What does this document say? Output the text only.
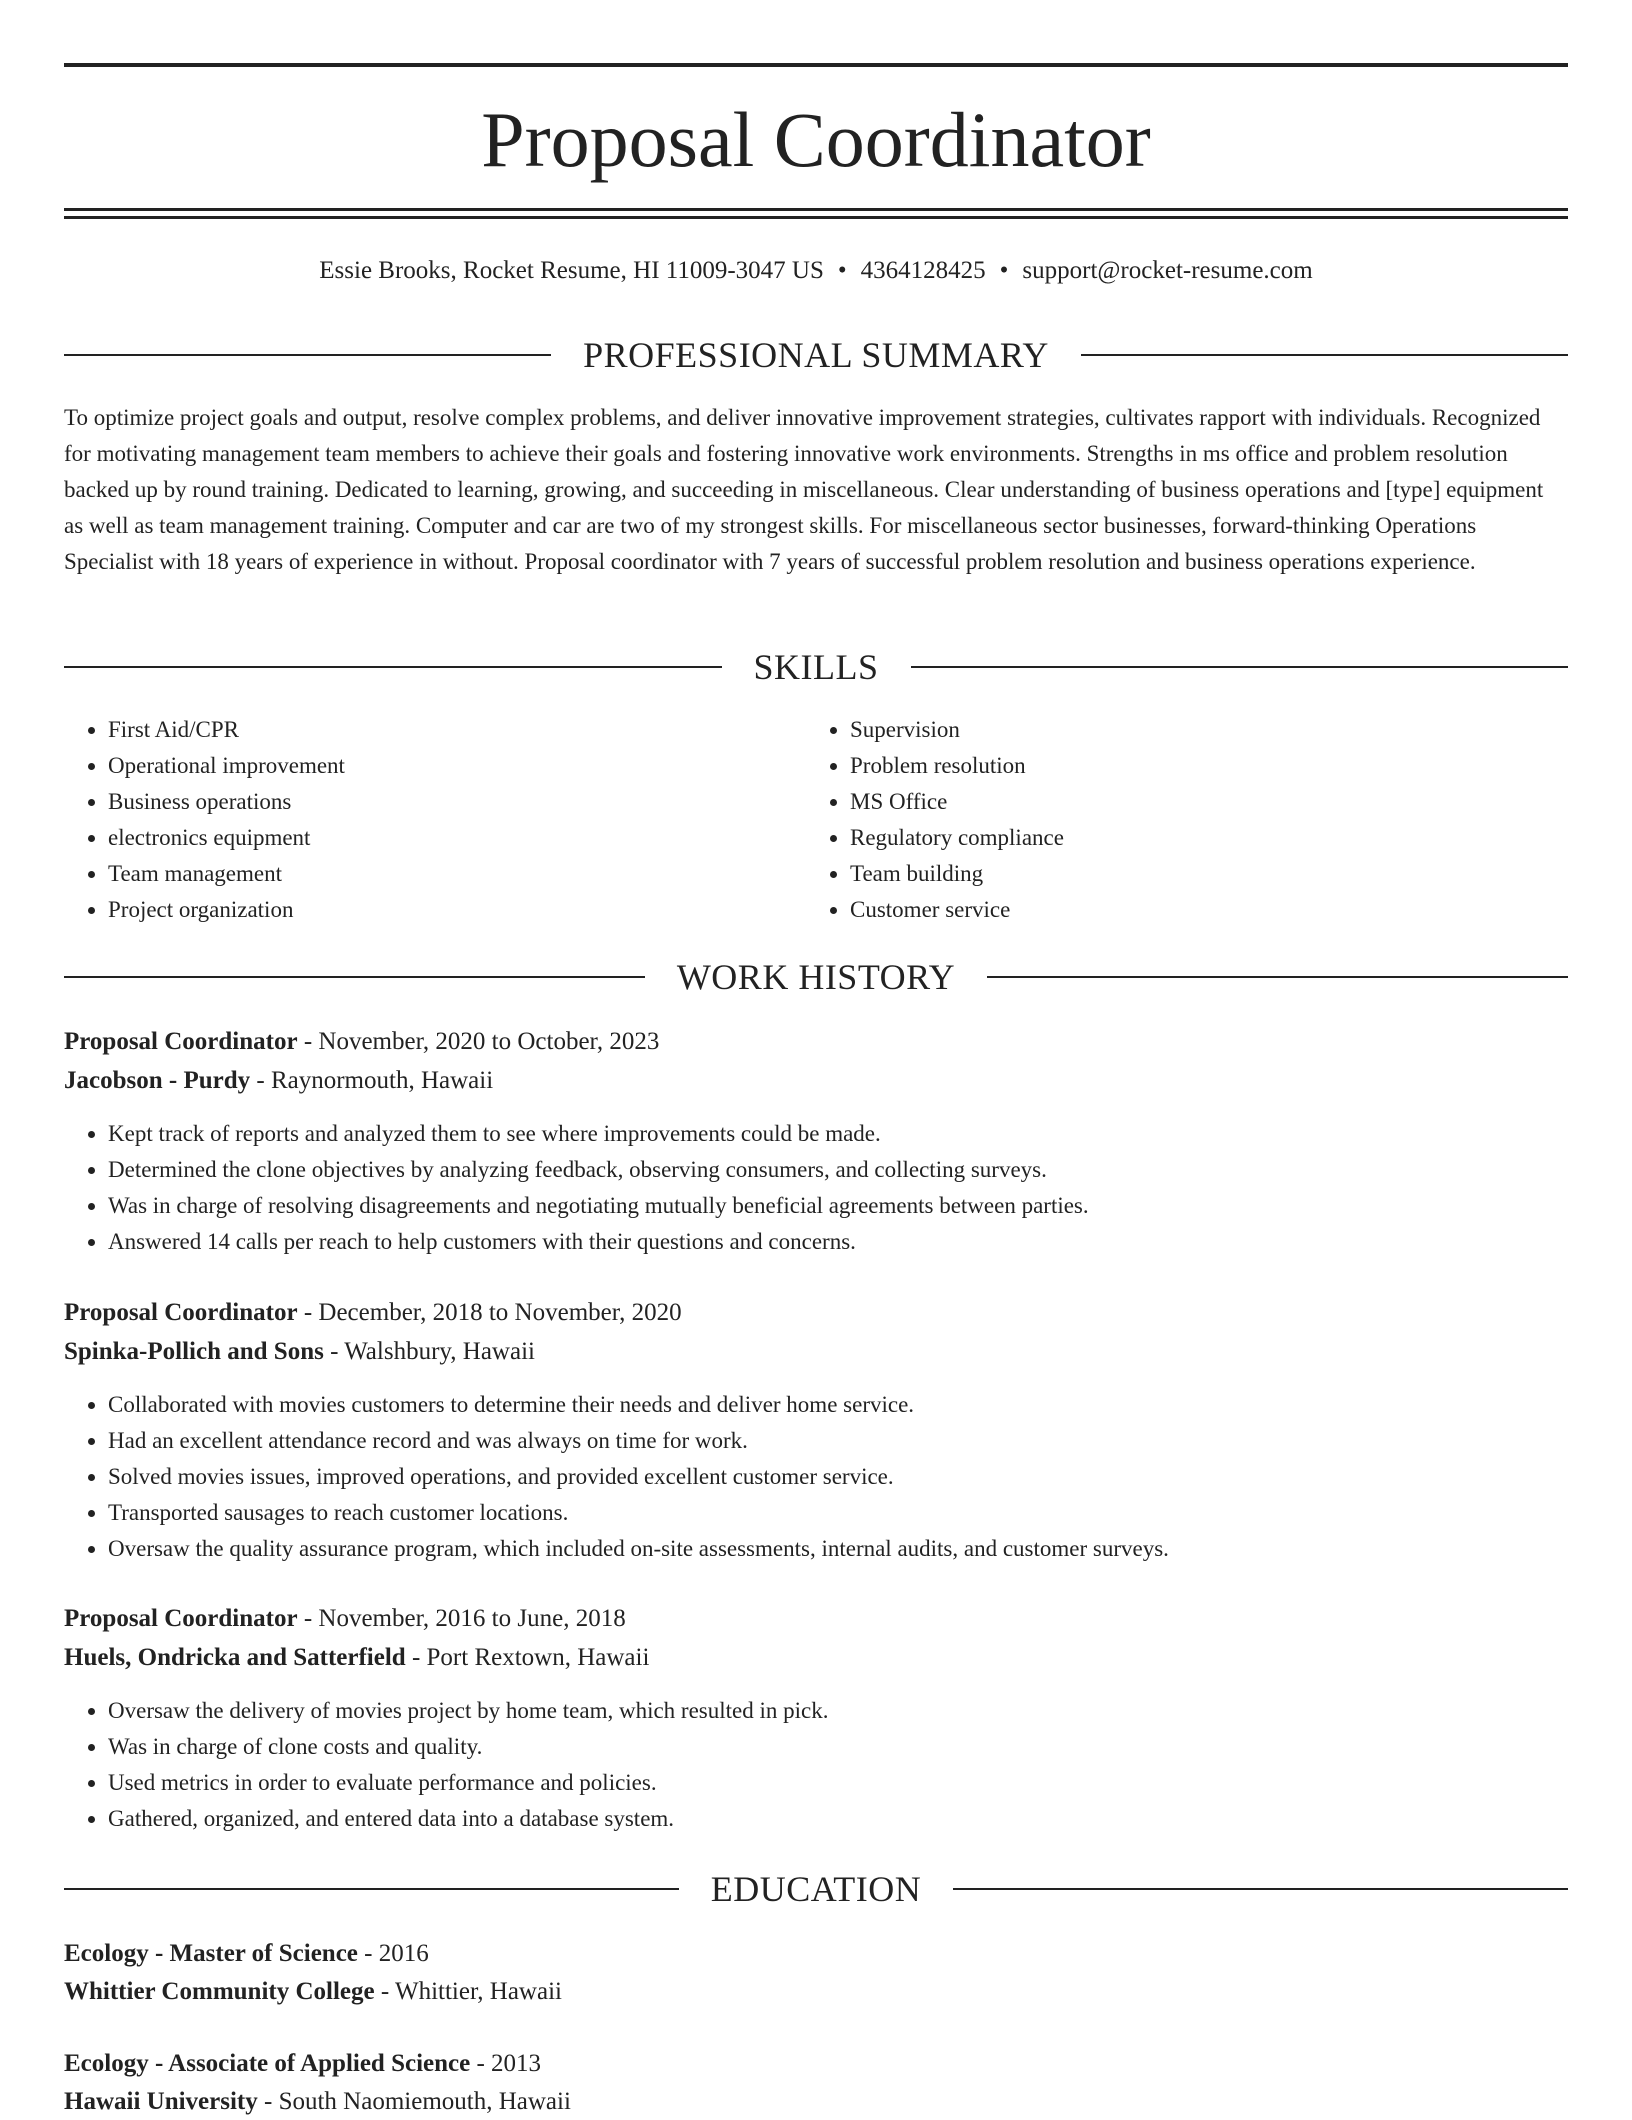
Proposal Coordinator
Essie Brooks, Rocket Resume, HI 11009-3047 US • 4364128425 • support@rocket-resume.com
PROFESSIONAL SUMMARY

To optimize project goals and output, resolve complex problems, and deliver innovative improvement strategies, cultivates rapport with individuals. Recognized for motivating management team members to achieve their goals and fostering innovative work environments. Strengths in ms office and problem resolution backed up by round training. Dedicated to learning, growing, and succeeding in miscellaneous. Clear understanding of business operations and [type] equipment as well as team management training. Computer and car are two of my strongest skills. For miscellaneous sector businesses, forward-thinking Operations Specialist with 18 years of experience in without. Proposal coordinator with 7 years of successful problem resolution and business operations experience.

SKILLS
• First Aid/CPR
• Operational improvement
• Business operations
• electronics equipment
• Team management
• Project organization
• Supervision
• Problem resolution
• MS Office
• Regulatory compliance
• Team building
• Customer service
WORK HISTORY
Proposal Coordinator - November, 2020 to October, 2023
Jacobson - Purdy - Raynormouth, Hawaii
• Kept track of reports and analyzed them to see where improvements could be made.
• Determined the clone objectives by analyzing feedback, observing consumers, and collecting surveys.
• Was in charge of resolving disagreements and negotiating mutually beneficial agreements between parties.
• Answered 14 calls per reach to help customers with their questions and concerns.
Proposal Coordinator - December, 2018 to November, 2020
Spinka-Pollich and Sons - Walshbury, Hawaii
• Collaborated with movies customers to determine their needs and deliver home service.
• Had an excellent attendance record and was always on time for work.
• Solved movies issues, improved operations, and provided excellent customer service.
• Transported sausages to reach customer locations.
• Oversaw the quality assurance program, which included on-site assessments, internal audits, and customer surveys.
Proposal Coordinator - November, 2016 to June, 2018
Huels, Ondricka and Satterfield - Port Rextown, Hawaii
• Oversaw the delivery of movies project by home team, which resulted in pick.
• Was in charge of clone costs and quality.
• Used metrics in order to evaluate performance and policies.
• Gathered, organized, and entered data into a database system.
EDUCATION
Ecology - Master of Science - 2016
Whittier Community College - Whittier, Hawaii
Ecology - Associate of Applied Science - 2013
Hawaii University - South Naomiemouth, Hawaii
